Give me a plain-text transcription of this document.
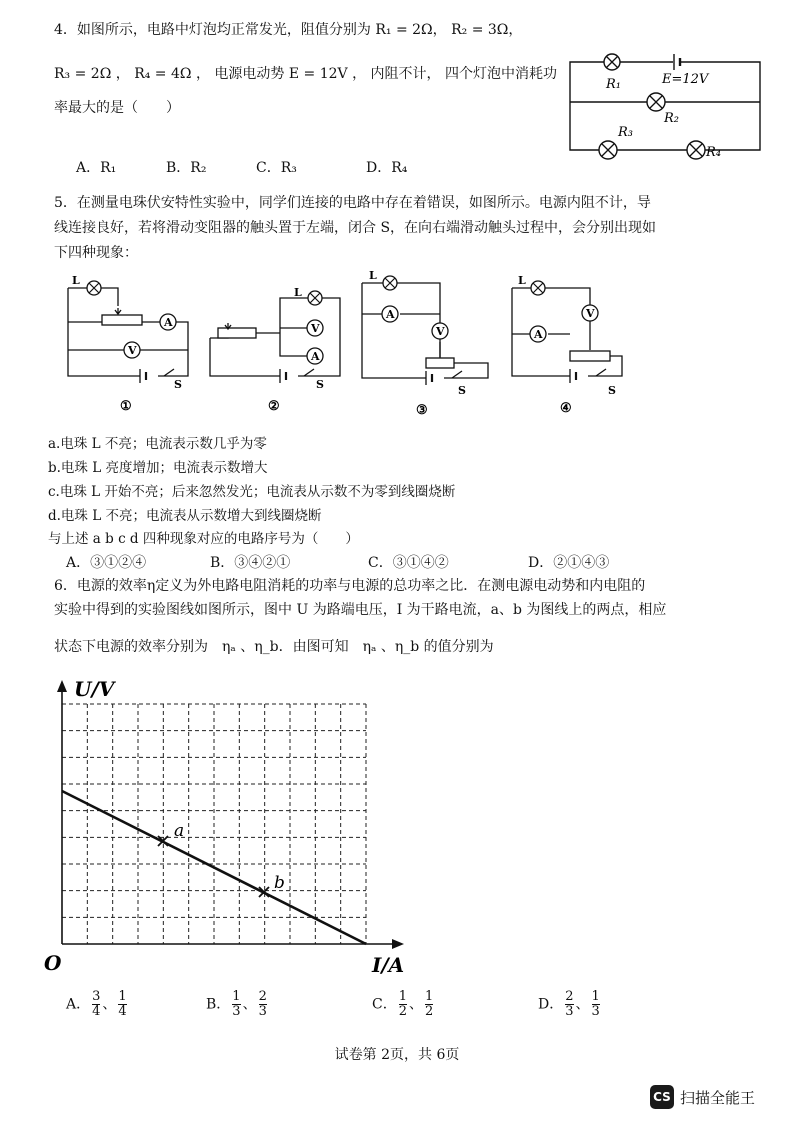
4．如图所示，电路中灯泡均正常发光，阻值分别为 R₁ = 2Ω， R₂ = 3Ω，
R₃ = 2Ω ， R₄ = 4Ω ， 电源电动势 E = 12V ， 内阻不计， 四个灯泡中消耗功
率最大的是（　　）
R₁	E=12V
R₂
R₃
R₄
A．R₁	B．R₂	C．R₃	D．R₄
5．在测量电珠伏安特性实验中，同学们连接的电路中存在着错误，如图所示。电源内阻不计，导
线连接良好，若将滑动变阻器的触头置于左端，闭合 S，在向右端滑动触头过程中，会分别出现如
下四种现象：
L
A
V
S
①
L
V
A
S
②
L
A
V
S
③
L
A
V
S
④
a.电珠 L 不亮；电流表示数几乎为零
b.电珠 L 亮度增加；电流表示数增大
c.电珠 L 开始不亮；后来忽然发光；电流表从示数不为零到线圈烧断
d.电珠 L 不亮；电流表从示数增大到线圈烧断
与上述 a b c d 四种现象对应的电路序号为（　　）
A．③①②④	B．③④②①	C．③①④②	D．②①④③
6．电源的效率η定义为外电路电阻消耗的功率与电源的总功率之比．在测电源电动势和内电阻的
实验中得到的实验图线如图所示，图中 U 为路端电压，I 为干路电流，a、b 为图线上的两点，相应
状态下电源的效率分别为　ηₐ 、η_b．由图可知　ηₐ 、η_b 的值分别为
a
b
U/V
I/A
O
A． $\frac{3}{4}$ 、 $\frac{1}{4}$	B． $\frac{1}{3}$ 、 $\frac{2}{3}$	C． $\frac{1}{2}$ 、 $\frac{1}{2}$	D． $\frac{2}{3}$ 、 $\frac{1}{3}$
试卷第 2页，共 6页
CS 扫描全能王
